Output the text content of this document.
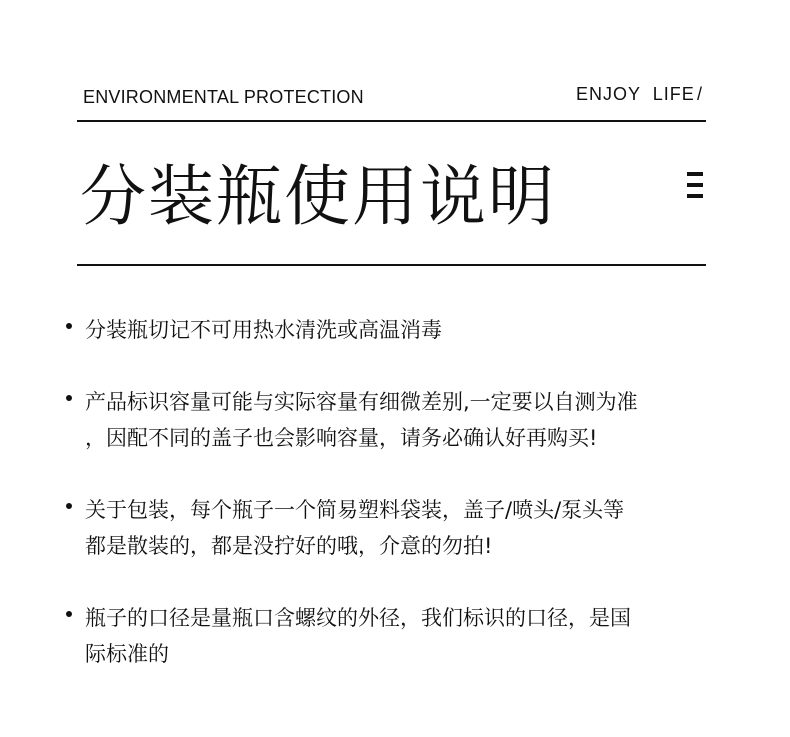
ENVIRONMENTAL PROTECTION	ENJOY LIFE /
分装瓶使用说明
分装瓶切记不可用热水清洗或高温消毒
产品标识容量可能与实际容量有细微差别,一定要以自测为准
，因配不同的盖子也会影响容量，请务必确认好再购买!
关于包装，每个瓶子一个简易塑料袋装，盖子/喷头/泵头等
都是散装的，都是没拧好的哦，介意的勿拍!
瓶子的口径是量瓶口含螺纹的外径，我们标识的口径，是国
际标准的
